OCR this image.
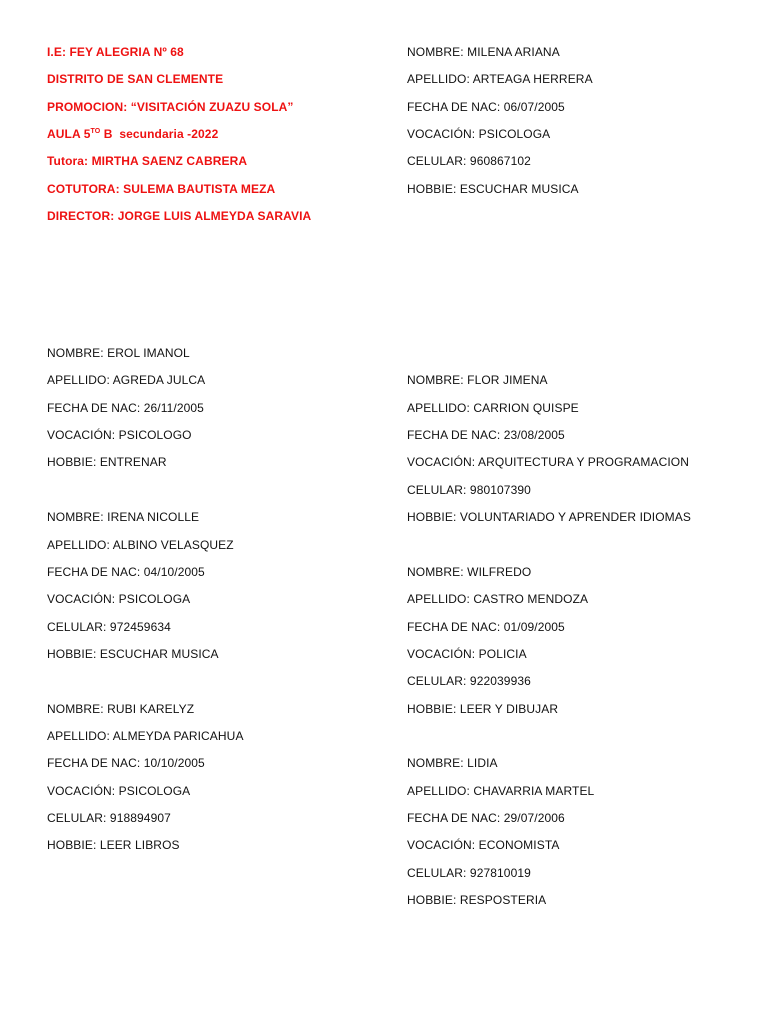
I.E: FEY ALEGRIA Nº 68
DISTRITO DE SAN CLEMENTE
PROMOCION: “VISITACIÓN ZUAZU SOLA”
AULA $5^{TO}$ B  secundaria -2022
Tutora: MIRTHA SAENZ CABRERA
COTUTORA: SULEMA BAUTISTA MEZA
DIRECTOR: JORGE LUIS ALMEYDA SARAVIA
NOMBRE: MILENA ARIANA
APELLIDO: ARTEAGA HERRERA
FECHA DE NAC: 06/07/2005
VOCACIÓN: PSICOLOGA
CELULAR: 960867102
HOBBIE: ESCUCHAR MUSICA
NOMBRE: EROL IMANOL
APELLIDO: AGREDA JULCA
FECHA DE NAC: 26/11/2005
VOCACIÓN: PSICOLOGO
HOBBIE: ENTRENAR
NOMBRE: IRENA NICOLLE
APELLIDO: ALBINO VELASQUEZ
FECHA DE NAC: 04/10/2005
VOCACIÓN: PSICOLOGA
CELULAR: 972459634
HOBBIE: ESCUCHAR MUSICA
NOMBRE: RUBI KARELYZ
APELLIDO: ALMEYDA PARICAHUA
FECHA DE NAC: 10/10/2005
VOCACIÓN: PSICOLOGA
CELULAR: 918894907
HOBBIE: LEER LIBROS
NOMBRE: FLOR JIMENA
APELLIDO: CARRION QUISPE
FECHA DE NAC: 23/08/2005
VOCACIÓN: ARQUITECTURA Y PROGRAMACION
CELULAR: 980107390
HOBBIE: VOLUNTARIADO Y APRENDER IDIOMAS
NOMBRE: WILFREDO
APELLIDO: CASTRO MENDOZA
FECHA DE NAC: 01/09/2005
VOCACIÓN: POLICIA
CELULAR: 922039936
HOBBIE: LEER Y DIBUJAR
NOMBRE: LIDIA
APELLIDO: CHAVARRIA MARTEL
FECHA DE NAC: 29/07/2006
VOCACIÓN: ECONOMISTA
CELULAR: 927810019
HOBBIE: RESPOSTERIA
